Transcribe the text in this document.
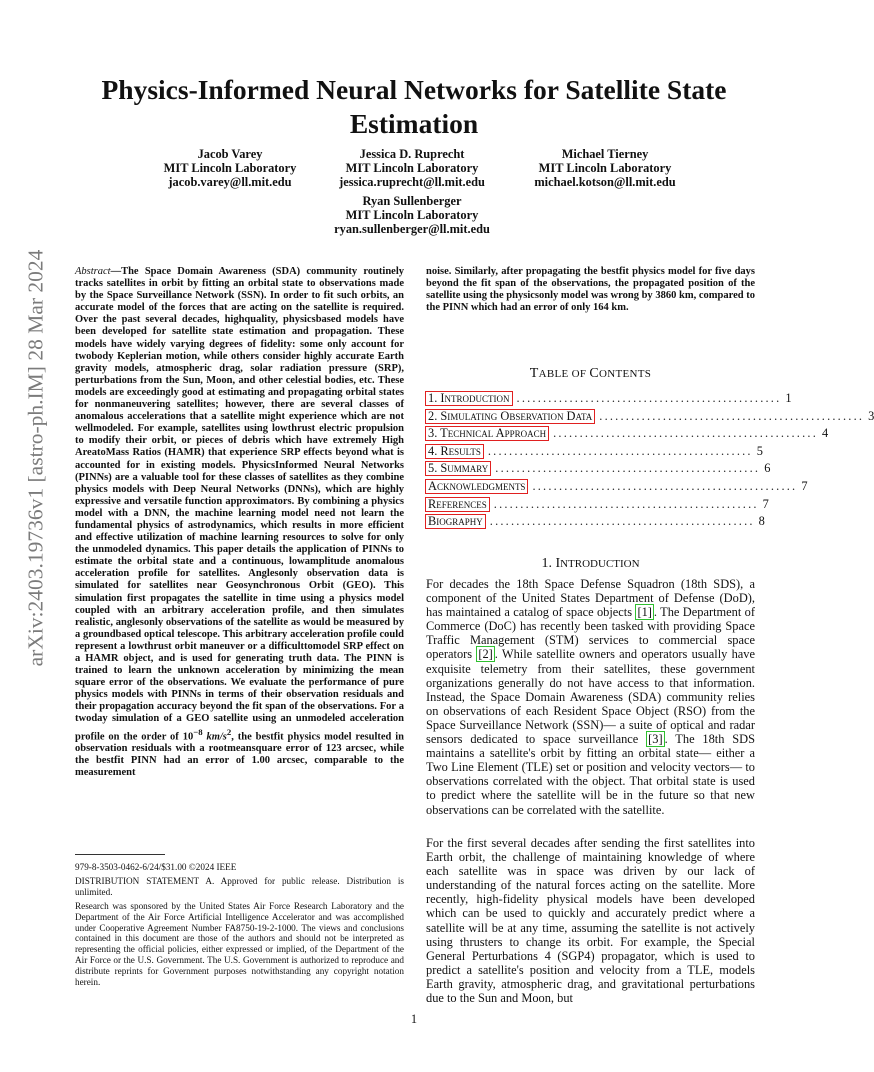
arXiv:2403.19736v1 [astro-ph.IM] 28 Mar 2024
Physics-Informed Neural Networks for Satellite State Estimation
Jacob Varey
MIT Lincoln Laboratory
jacob.varey@ll.mit.edu
Jessica D. Ruprecht
MIT Lincoln Laboratory
jessica.ruprecht@ll.mit.edu
Michael Tierney
MIT Lincoln Laboratory
michael.kotson@ll.mit.edu
Ryan Sullenberger
MIT Lincoln Laboratory
ryan.sullenberger@ll.mit.edu
Abstract—The Space Domain Awareness (SDA) community routinely tracks satellites in orbit by fitting an orbital state to observations made by the Space Surveillance Network (SSN). In order to fit such orbits, an accurate model of the forces that are acting on the satellite is required. Over the past several decades, highquality, physicsbased models have been developed for satellite state estimation and propagation. These models have widely varying degrees of fidelity: some only account for twobody Keplerian motion, while others consider highly accurate Earth gravity models, atmospheric drag, solar radiation pressure (SRP), perturbations from the Sun, Moon, and other celestial bodies, etc. These models are exceedingly good at estimating and propagating orbital states for nonmaneuvering satellites; however, there are several classes of anomalous accelerations that a satellite might experience which are not wellmodeled. For example, satellites using lowthrust electric propulsion to modify their orbit, or pieces of debris which have extremely High AreatoMass Ratios (HAMR) that experience SRP effects beyond what is accounted for in existing models. PhysicsInformed Neural Networks (PINNs) are a valuable tool for these classes of satellites as they combine physics models with Deep Neural Networks (DNNs), which are highly expressive and versatile function approximators. By combining a physics model with a DNN, the machine learning model need not learn the fundamental physics of astrodynamics, which results in more efficient and effective utilization of machine learning resources to solve for only the unmodeled dynamics. This paper details the application of PINNs to estimate the orbital state and a continuous, lowamplitude anomalous acceleration profile for satellites. Anglesonly observation data is simulated for satellites near Geosynchronous Orbit (GEO). This simulation first propagates the satellite in time using a physics model coupled with an arbitrary acceleration profile, and then simulates realistic, anglesonly observations of the satellite as would be measured by a groundbased optical telescope. This arbitrary acceleration profile could represent a lowthrust orbit maneuver or a difficulttomodel SRP effect on a HAMR object, and is used for generating truth data. The PINN is trained to learn the unknown acceleration by minimizing the mean square error of the observations. We evaluate the performance of pure physics models with PINNs in terms of their observation residuals and their propagation accuracy beyond the fit span of the observations. For a twoday simulation of a GEO satellite using an unmodeled acceleration profile on the order of $10^{-8}$ $km/s^2$, the bestfit physics model resulted in observation residuals with a rootmeansquare error of 123 arcsec, while the bestfit PINN had an error of 1.00 arcsec, comparable to the measurement
noise. Similarly, after propagating the bestfit physics model for five days beyond the fit span of the observations, the propagated position of the satellite using the physicsonly model was wrong by 3860 km, compared to the PINN which had an error of only 164 km.

979-8-3503-0462-6/24/$31.00 ©2024 IEEE

DISTRIBUTION STATEMENT A. Approved for public release. Distribution is unlimited.

Research was sponsored by the United States Air Force Research Laboratory and the Department of the Air Force Artificial Intelligence Accelerator and was accomplished under Cooperative Agreement Number FA8750-19-2-1000. The views and conclusions contained in this document are those of the authors and should not be interpreted as representing the official policies, either expressed or implied, of the Department of the Air Force or the U.S. Government. The U.S. Government is authorized to reproduce and distribute reprints for Government purposes notwithstanding any copyright notation herein.

TABLE OF CONTENTS
1. Introduction .................................................. 1
2. Simulating Observation Data .................................................. 3
3. Technical Approach .................................................. 4
4. Results .................................................. 5
5. Summary .................................................. 6
Acknowledgments .................................................. 7
References .................................................. 7
Biography .................................................. 8
1. INTRODUCTION
For decades the 18th Space Defense Squadron (18th SDS), a component of the United States Department of Defense (DoD), has maintained a catalog of space objects [1] . The Department of Commerce (DoC) has recently been tasked with providing Space Traffic Management (STM) services to commercial space operators [2] . While satellite owners and operators usually have exquisite telemetry from their satellites, these government organizations generally do not have access to that information. Instead, the Space Domain Awareness (SDA) community relies on observations of each Resident Space Object (RSO) from the Space Surveillance Network (SSN)— a suite of optical and radar sensors dedicated to space surveillance [3] . The 18th SDS maintains a satellite's orbit by fitting an orbital state— either a Two Line Element (TLE) set or position and velocity vectors— to observations correlated with the object. That orbital state is used to predict where the satellite will be in the future so that new observations can be correlated with the satellite.
For the first several decades after sending the first satellites into Earth orbit, the challenge of maintaining knowledge of where each satellite was in space was driven by our lack of understanding of the natural forces acting on the satellite. More recently, high-fidelity physical models have been developed which can be used to quickly and accurately predict where a satellite will be at any time, assuming the satellite is not actively using thrusters to change its orbit. For example, the Special General Perturbations 4 (SGP4) propagator, which is used to predict a satellite's position and velocity from a TLE, models Earth gravity, atmospheric drag, and gravitational perturbations due to the Sun and Moon, but
1
